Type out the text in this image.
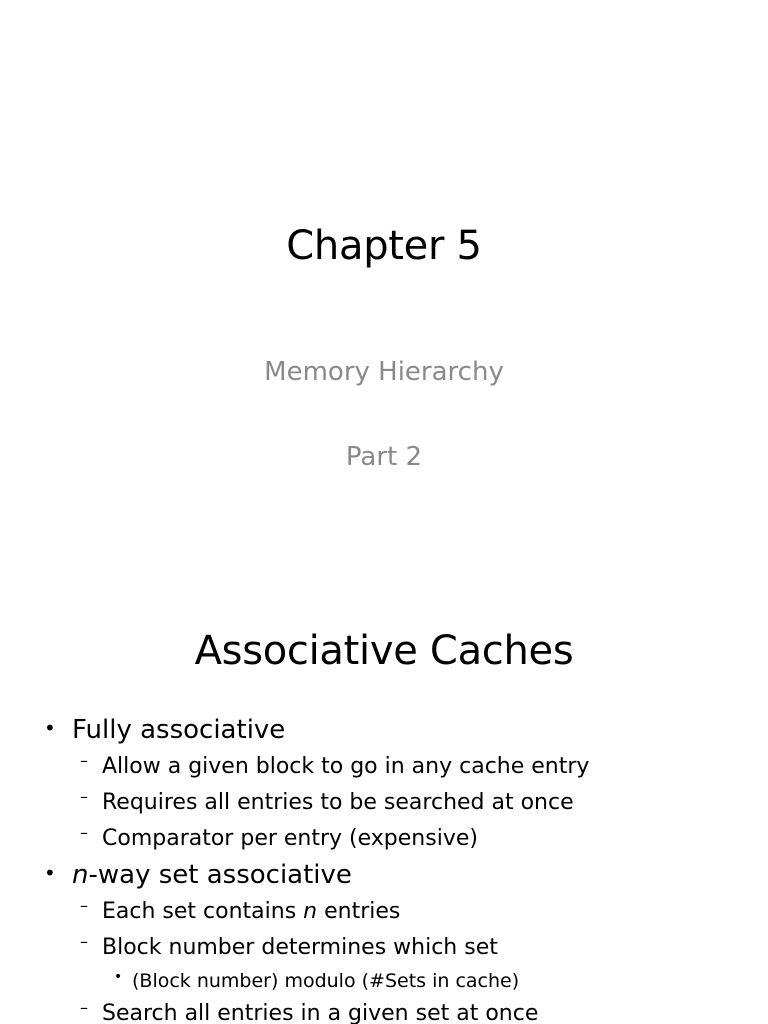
Chapter 5
Memory Hierarchy
Part 2
Associative Caches
• Fully associative
– Allow a given block to go in any cache entry
– Requires all entries to be searched at once
– Comparator per entry (expensive)
• n-way set associative
– Each set contains n entries
– Block number determines which set
• (Block number) modulo (#Sets in cache)
– Search all entries in a given set at once
